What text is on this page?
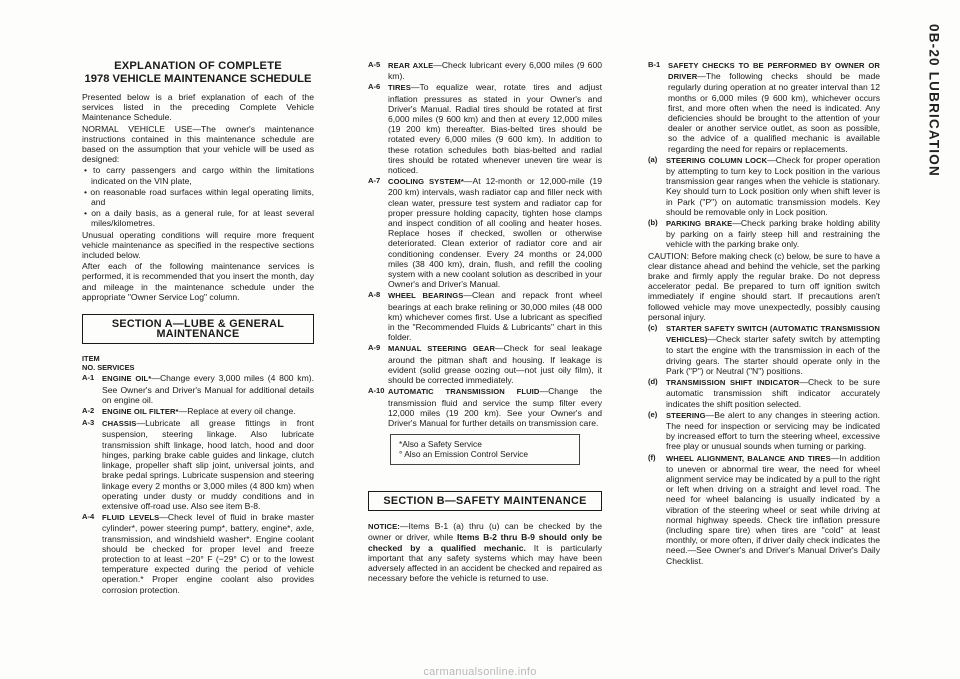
EXPLANATION OF COMPLETE
1978 VEHICLE MAINTENANCE SCHEDULE

Presented below is a brief explanation of each of the services listed in the preceding Complete Vehicle Maintenance Schedule.

NORMAL VEHICLE USE—The owner's maintenance instructions contained in this maintenance schedule are based on the assumption that your vehicle will be used as designed:

• to carry passengers and cargo within the limitations indicated on the VIN plate,
• on reasonable road surfaces within legal operating limits, and
• on a daily basis, as a general rule, for at least several miles/kilometres.

Unusual operating conditions will require more frequent vehicle maintenance as specified in the respective sections included below.

After each of the following maintenance services is performed, it is recommended that you insert the month, day and mileage in the maintenance schedule under the appropriate "Owner Service Log" column.

SECTION A—LUBE & GENERAL MAINTENANCE
ITEM
NO. SERVICES
A-1	ENGINE OIL*—Change every 3,000 miles (4 800 km). See Owner's and Driver's Manual for additional details on engine oil.
A-2	ENGINE OIL FILTER*—Replace at every oil change.
A-3	CHASSIS—Lubricate all grease fittings in front suspension, steering linkage. Also lubricate transmission shift linkage, hood latch, hood and door hinges, parking brake cable guides and linkage, clutch linkage, propeller shaft slip joint, universal joints, and brake pedal springs. Lubricate suspension and steering linkage every 2 months or 3,000 miles (4 800 km) when operating under dusty or muddy conditions and in extensive off-road use. Also see item B-8.
A-4	FLUID LEVELS—Check level of fluid in brake master cylinder*, power steering pump*, battery, engine*, axle, transmission, and windshield washer*. Engine coolant should be checked for proper level and freeze protection to at least −20° F (−29° C) or to the lowest temperature expected during the period of vehicle operation.* Proper engine coolant also provides corrosion protection.
A-5	REAR AXLE—Check lubricant every 6,000 miles (9 600 km).
A-6	TIRES—To equalize wear, rotate tires and adjust inflation pressures as stated in your Owner's and Driver's Manual. Radial tires should be rotated at first 6,000 miles (9 600 km) and then at every 12,000 miles (19 200 km) thereafter. Bias-belted tires should be rotated every 6,000 miles (9 600 km). In addition to these rotation schedules both bias-belted and radial tires should be rotated whenever uneven tire wear is noticed.
A-7	COOLING SYSTEM*—At 12-month or 12,000-mile (19 200 km) intervals, wash radiator cap and filler neck with clean water, pressure test system and radiator cap for proper pressure holding capacity, tighten hose clamps and inspect condition of all cooling and heater hoses. Replace hoses if checked, swollen or otherwise deteriorated. Clean exterior of radiator core and air conditioning condenser. Every 24 months or 24,000 miles (38 400 km), drain, flush, and refill the cooling system with a new coolant solution as described in your Owner's and Driver's Manual.
A-8	WHEEL BEARINGS—Clean and repack front wheel bearings at each brake relining or 30,000 miles (48 000 km) whichever comes first. Use a lubricant as specified in the "Recommended Fluids & Lubricants" chart in this folder.
A-9	MANUAL STEERING GEAR—Check for seal leakage around the pitman shaft and housing. If leakage is evident (solid grease oozing out—not just oily film), it should be corrected immediately.
A-10 AUTOMATIC TRANSMISSION FLUID—Change the transmission fluid and service the sump filter every 12,000 miles (19 200 km). See your Owner's and Driver's Manual for further details on transmission care.
*Also a Safety Service
° Also an Emission Control Service
SECTION B—SAFETY MAINTENANCE

NOTICE:—Items B-1 (a) thru (u) can be checked by the owner or driver, while Items B-2 thru B-9 should only be checked by a qualified mechanic. It is particularly important that any safety systems which may have been adversely affected in an accident be checked and repaired as necessary before the vehicle is returned to use.

B-1	SAFETY CHECKS TO BE PERFORMED BY OWNER OR DRIVER—The following checks should be made regularly during operation at no greater interval than 12 months or 6,000 miles (9 600 km), whichever occurs first, and more often when the need is indicated. Any deficiencies should be brought to the attention of your dealer or another service outlet, as soon as possible, so the advice of a qualified mechanic is available regarding the need for repairs or replacements.
(a)	STEERING COLUMN LOCK—Check for proper operation by attempting to turn key to Lock position in the various transmission gear ranges when the vehicle is stationary. Key should turn to Lock position only when shift lever is in Park ("P") on automatic transmission models. Key should be removable only in Lock position.
(b)	PARKING BRAKE—Check parking brake holding ability by parking on a fairly steep hill and restraining the vehicle with the parking brake only.

CAUTION: Before making check (c) below, be sure to have a clear distance ahead and behind the vehicle, set the parking brake and firmly apply the regular brake. Do not depress accelerator pedal. Be prepared to turn off ignition switch immediately if engine should start. If precautions aren't followed vehicle may move unexpectedly, possibly causing personal injury.

(c)	STARTER SAFETY SWITCH (AUTOMATIC TRANSMISSION VEHICLES)—Check starter safety switch by attempting to start the engine with the transmission in each of the driving gears. The starter should operate only in the Park ("P") or Neutral ("N") positions.
(d)	TRANSMISSION SHIFT INDICATOR—Check to be sure automatic transmission shift indicator accurately indicates the shift position selected.
(e)	STEERING—Be alert to any changes in steering action. The need for inspection or servicing may be indicated by increased effort to turn the steering wheel, excessive free play or unusual sounds when turning or parking.
(f)	WHEEL ALIGNMENT, BALANCE AND TIRES—In addition to uneven or abnormal tire wear, the need for wheel alignment service may be indicated by a pull to the right or left when driving on a straight and level road. The need for wheel balancing is usually indicated by a vibration of the steering wheel or seat while driving at normal highway speeds. Check tire inflation pressure (including spare tire) when tires are "cold" at least monthly, or more often, if driver daily check indicates the need.—See Owner's and Driver's Manual Driver's Daily Checklist.
0B-20 LUBRICATION
carmanualsonline.info
